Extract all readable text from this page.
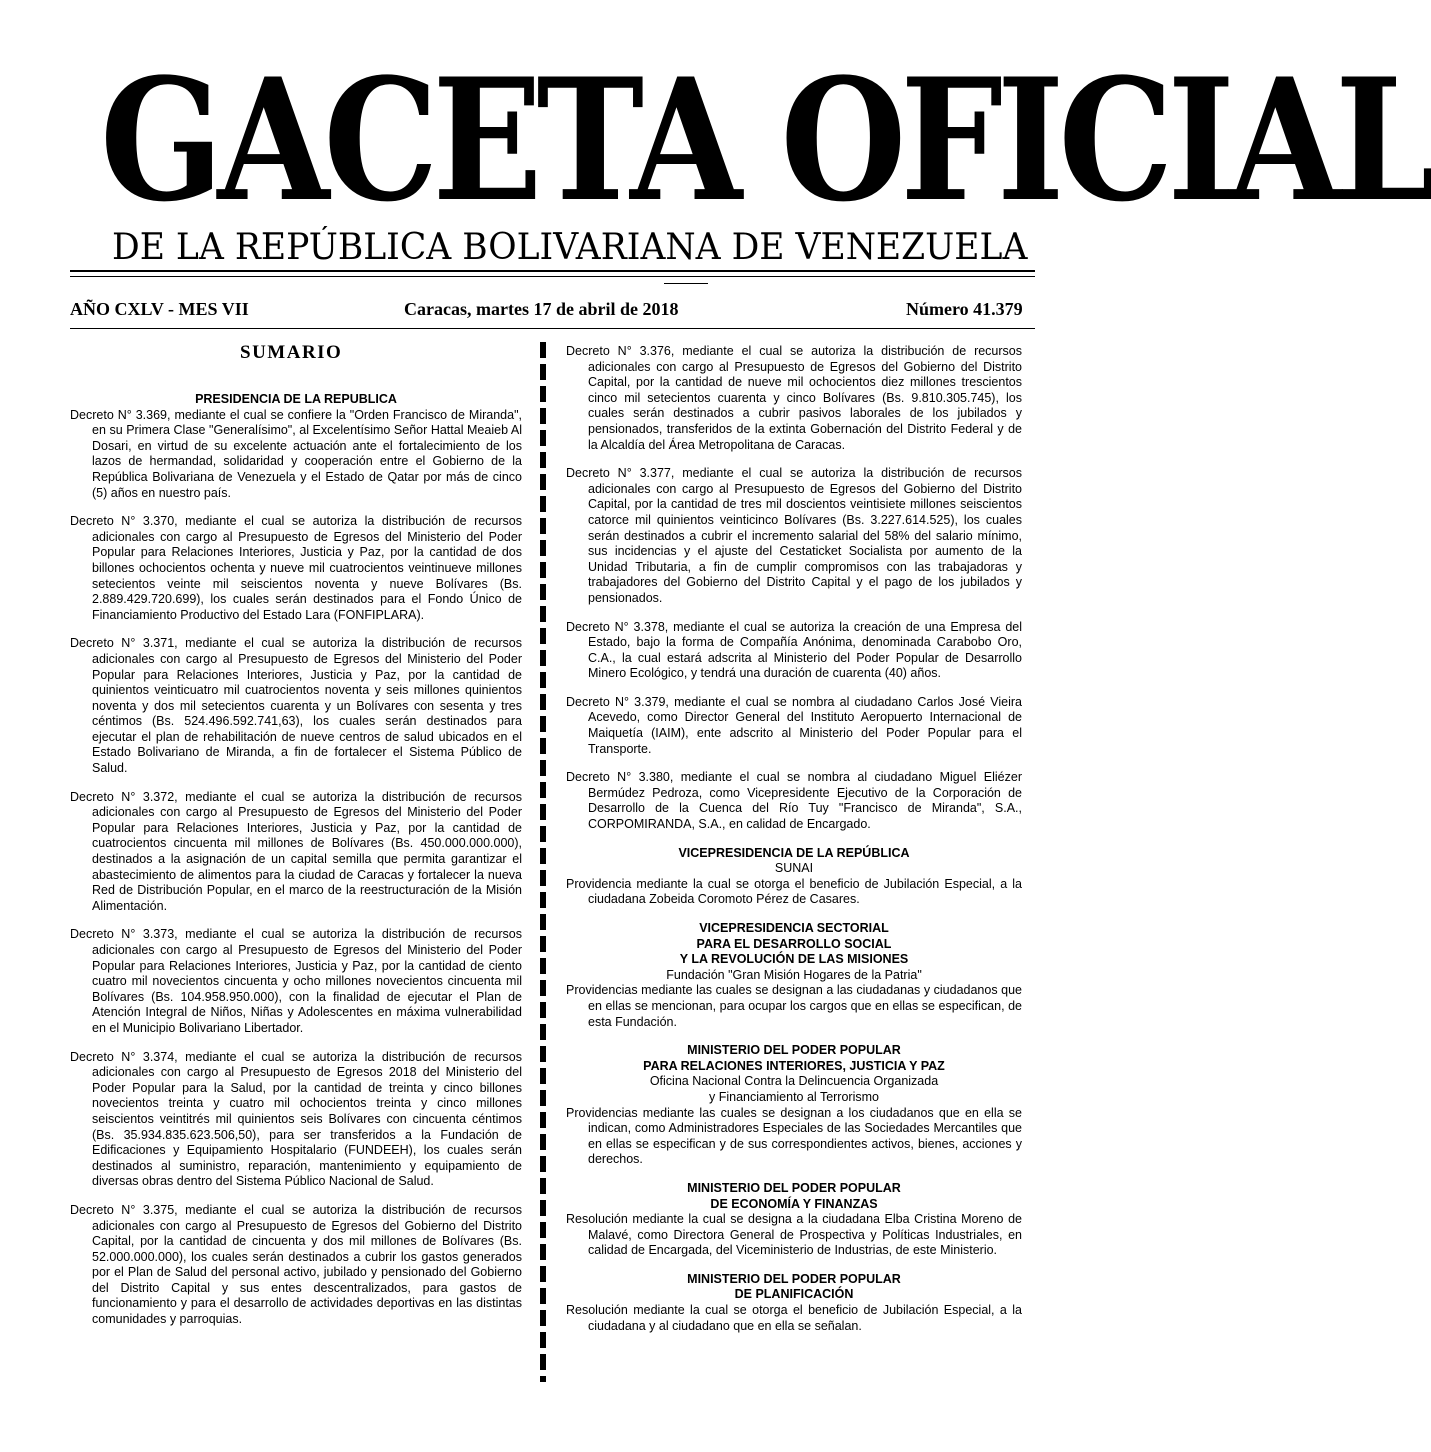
GACETA OFICIAL
DE LA REPÚBLICA BOLIVARIANA DE VENEZUELA
AÑO CXLV - MES VII	Caracas, martes 17 de abril de 2018	Número 41.379
SUMARIO

PRESIDENCIA DE LA REPUBLICA

Decreto N° 3.369, mediante el cual se confiere la "Orden Francisco de Miranda", en su Primera Clase "Generalísimo", al Excelentísimo Señor Hattal Meaieb Al Dosari, en virtud de su excelente actuación ante el fortalecimiento de los lazos de hermandad, solidaridad y cooperación entre el Gobierno de la República Bolivariana de Venezuela y el Estado de Qatar por más de cinco (5) años en nuestro país.

Decreto N° 3.370, mediante el cual se autoriza la distribución de recursos adicionales con cargo al Presupuesto de Egresos del Ministerio del Poder Popular para Relaciones Interiores, Justicia y Paz, por la cantidad de dos billones ochocientos ochenta y nueve mil cuatrocientos veintinueve millones setecientos veinte mil seiscientos noventa y nueve Bolívares (Bs. 2.889.429.720.699), los cuales serán destinados para el Fondo Único de Financiamiento Productivo del Estado Lara (FONFIPLARA).

Decreto N° 3.371, mediante el cual se autoriza la distribución de recursos adicionales con cargo al Presupuesto de Egresos del Ministerio del Poder Popular para Relaciones Interiores, Justicia y Paz, por la cantidad de quinientos veinticuatro mil cuatrocientos noventa y seis millones quinientos noventa y dos mil setecientos cuarenta y un Bolívares con sesenta y tres céntimos (Bs. 524.496.592.741,63), los cuales serán destinados para ejecutar el plan de rehabilitación de nueve centros de salud ubicados en el Estado Bolivariano de Miranda, a fin de fortalecer el Sistema Público de Salud.

Decreto N° 3.372, mediante el cual se autoriza la distribución de recursos adicionales con cargo al Presupuesto de Egresos del Ministerio del Poder Popular para Relaciones Interiores, Justicia y Paz, por la cantidad de cuatrocientos cincuenta mil millones de Bolívares (Bs. 450.000.000.000), destinados a la asignación de un capital semilla que permita garantizar el abastecimiento de alimentos para la ciudad de Caracas y fortalecer la nueva Red de Distribución Popular, en el marco de la reestructuración de la Misión Alimentación.

Decreto N° 3.373, mediante el cual se autoriza la distribución de recursos adicionales con cargo al Presupuesto de Egresos del Ministerio del Poder Popular para Relaciones Interiores, Justicia y Paz, por la cantidad de ciento cuatro mil novecientos cincuenta y ocho millones novecientos cincuenta mil Bolívares (Bs. 104.958.950.000), con la finalidad de ejecutar el Plan de Atención Integral de Niños, Niñas y Adolescentes en máxima vulnerabilidad en el Municipio Bolivariano Libertador.

Decreto N° 3.374, mediante el cual se autoriza la distribución de recursos adicionales con cargo al Presupuesto de Egresos 2018 del Ministerio del Poder Popular para la Salud, por la cantidad de treinta y cinco billones novecientos treinta y cuatro mil ochocientos treinta y cinco millones seiscientos veintitrés mil quinientos seis Bolívares con cincuenta céntimos (Bs. 35.934.835.623.506,50), para ser transferidos a la Fundación de Edificaciones y Equipamiento Hospitalario (FUNDEEH), los cuales serán destinados al suministro, reparación, mantenimiento y equipamiento de diversas obras dentro del Sistema Público Nacional de Salud.

Decreto N° 3.375, mediante el cual se autoriza la distribución de recursos adicionales con cargo al Presupuesto de Egresos del Gobierno del Distrito Capital, por la cantidad de cincuenta y dos mil millones de Bolívares (Bs. 52.000.000.000), los cuales serán destinados a cubrir los gastos generados por el Plan de Salud del personal activo, jubilado y pensionado del Gobierno del Distrito Capital y sus entes descentralizados, para gastos de funcionamiento y para el desarrollo de actividades deportivas en las distintas comunidades y parroquias.

Decreto N° 3.376, mediante el cual se autoriza la distribución de recursos adicionales con cargo al Presupuesto de Egresos del Gobierno del Distrito Capital, por la cantidad de nueve mil ochocientos diez millones trescientos cinco mil setecientos cuarenta y cinco Bolívares (Bs. 9.810.305.745), los cuales serán destinados a cubrir pasivos laborales de los jubilados y pensionados, transferidos de la extinta Gobernación del Distrito Federal y de la Alcaldía del Área Metropolitana de Caracas.

Decreto N° 3.377, mediante el cual se autoriza la distribución de recursos adicionales con cargo al Presupuesto de Egresos del Gobierno del Distrito Capital, por la cantidad de tres mil doscientos veintisiete millones seiscientos catorce mil quinientos veinticinco Bolívares (Bs. 3.227.614.525), los cuales serán destinados a cubrir el incremento salarial del 58% del salario mínimo, sus incidencias y el ajuste del Cestaticket Socialista por aumento de la Unidad Tributaria, a fin de cumplir compromisos con las trabajadoras y trabajadores del Gobierno del Distrito Capital y el pago de los jubilados y pensionados.

Decreto N° 3.378, mediante el cual se autoriza la creación de una Empresa del Estado, bajo la forma de Compañía Anónima, denominada Carabobo Oro, C.A., la cual estará adscrita al Ministerio del Poder Popular de Desarrollo Minero Ecológico, y tendrá una duración de cuarenta (40) años.

Decreto N° 3.379, mediante el cual se nombra al ciudadano Carlos José Vieira Acevedo, como Director General del Instituto Aeropuerto Internacional de Maiquetía (IAIM), ente adscrito al Ministerio del Poder Popular para el Transporte.

Decreto N° 3.380, mediante el cual se nombra al ciudadano Miguel Eliézer Bermúdez Pedroza, como Vicepresidente Ejecutivo de la Corporación de Desarrollo de la Cuenca del Río Tuy "Francisco de Miranda", S.A., CORPOMIRANDA, S.A., en calidad de Encargado.

VICEPRESIDENCIA DE LA REPÚBLICA

SUNAI

Providencia mediante la cual se otorga el beneficio de Jubilación Especial, a la ciudadana Zobeida Coromoto Pérez de Casares.

VICEPRESIDENCIA SECTORIAL

PARA EL DESARROLLO SOCIAL

Y LA REVOLUCIÓN DE LAS MISIONES

Fundación "Gran Misión Hogares de la Patria"

Providencias mediante las cuales se designan a las ciudadanas y ciudadanos que en ellas se mencionan, para ocupar los cargos que en ellas se especifican, de esta Fundación.

MINISTERIO DEL PODER POPULAR

PARA RELACIONES INTERIORES, JUSTICIA Y PAZ

Oficina Nacional Contra la Delincuencia Organizada

y Financiamiento al Terrorismo

Providencias mediante las cuales se designan a los ciudadanos que en ella se indican, como Administradores Especiales de las Sociedades Mercantiles que en ellas se especifican y de sus correspondientes activos, bienes, acciones y derechos.

MINISTERIO DEL PODER POPULAR

DE ECONOMÍA Y FINANZAS

Resolución mediante la cual se designa a la ciudadana Elba Cristina Moreno de Malavé, como Directora General de Prospectiva y Políticas Industriales, en calidad de Encargada, del Viceministerio de Industrias, de este Ministerio.

MINISTERIO DEL PODER POPULAR

DE PLANIFICACIÓN

Resolución mediante la cual se otorga el beneficio de Jubilación Especial, a la ciudadana y al ciudadano que en ella se señalan.
